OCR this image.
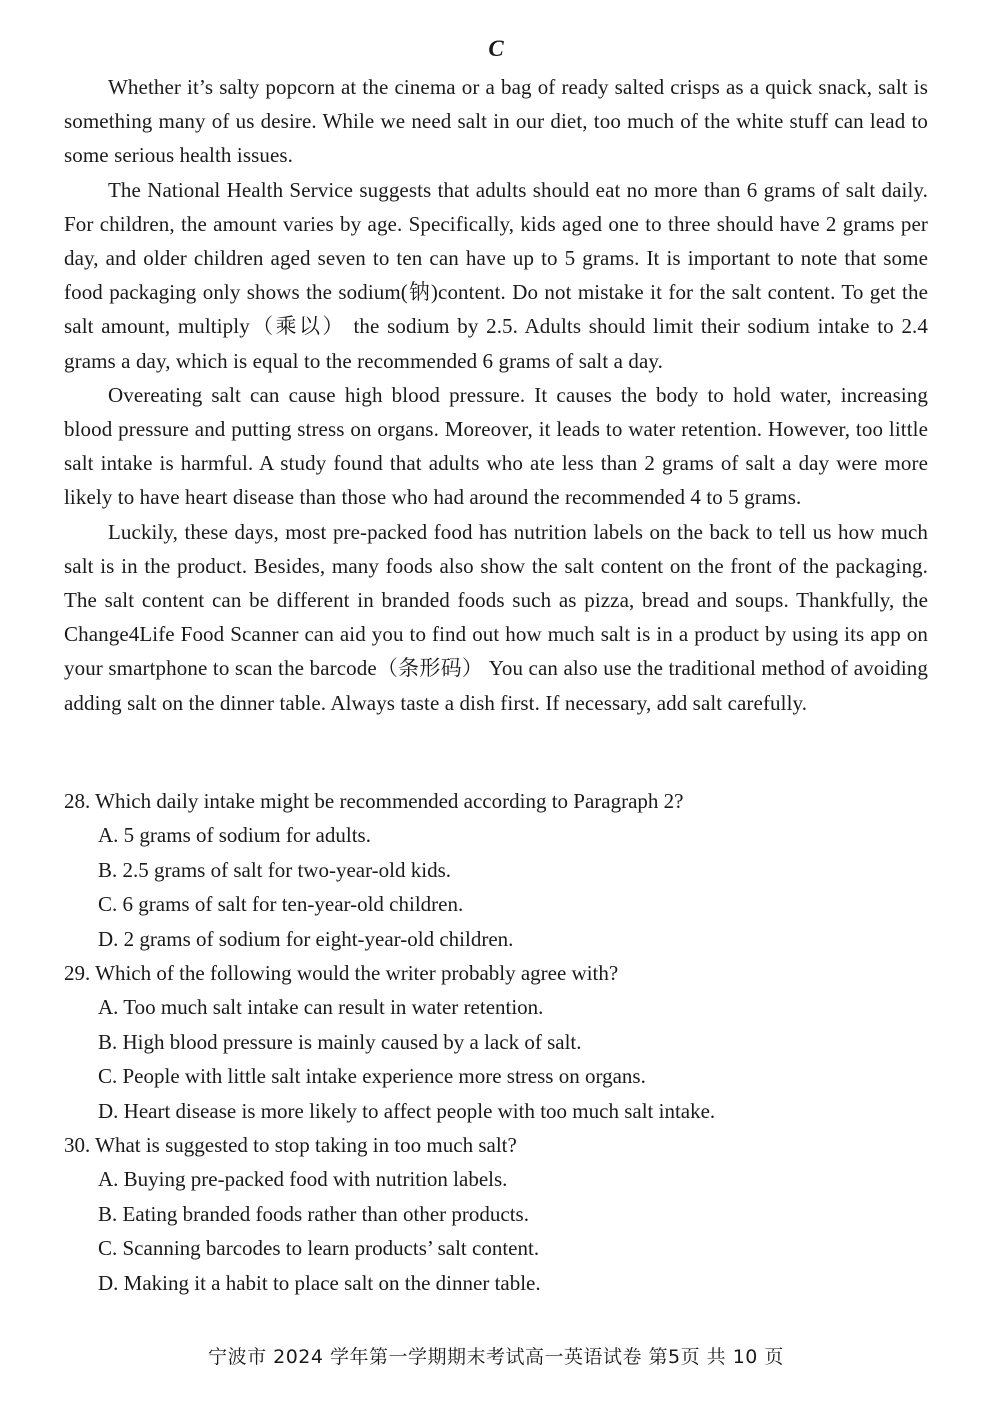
C

Whether it’s salty popcorn at the cinema or a bag of ready salted crisps as a quick snack, salt is something many of us desire. While we need salt in our diet, too much of the white stuff can lead to some serious health issues.

The National Health Service suggests that adults should eat no more than 6 grams of salt daily. For children, the amount varies by age. Specifically, kids aged one to three should have 2 grams per day, and older children aged seven to ten can have up to 5 grams. It is important to note that some food packaging only shows the sodium(钠)content. Do not mistake it for the salt content. To get the salt amount, multiply（乘以） the sodium by 2.5. Adults should limit their sodium intake to 2.4 grams a day, which is equal to the recommended 6 grams of salt a day.

Overeating salt can cause high blood pressure. It causes the body to hold water, increasing blood pressure and putting stress on organs. Moreover, it leads to water retention. However, too little salt intake is harmful. A study found that adults who ate less than 2 grams of salt a day were more likely to have heart disease than those who had around the recommended 4 to 5 grams.

Luckily, these days, most pre-packed food has nutrition labels on the back to tell us how much salt is in the product. Besides, many foods also show the salt content on the front of the packaging. The salt content can be different in branded foods such as pizza, bread and soups. Thankfully, the Change4Life Food Scanner can aid you to find out how much salt is in a product by using its app on your smartphone to scan the barcode（条形码） You can also use the traditional method of avoiding adding salt on the dinner table. Always taste a dish first. If necessary, add salt carefully.

28. Which daily intake might be recommended according to Paragraph 2?
A. 5 grams of sodium for adults.
B. 2.5 grams of salt for two-year-old kids.
C. 6 grams of salt for ten-year-old children.
D. 2 grams of sodium for eight-year-old children.
29. Which of the following would the writer probably agree with?
A. Too much salt intake can result in water retention.
B. High blood pressure is mainly caused by a lack of salt.
C. People with little salt intake experience more stress on organs.
D. Heart disease is more likely to affect people with too much salt intake.
30. What is suggested to stop taking in too much salt?
A. Buying pre-packed food with nutrition labels.
B. Eating branded foods rather than other products.
C. Scanning barcodes to learn products’ salt content.
D. Making it a habit to place salt on the dinner table.
宁波市 2024 学年第一学期期末考试高一英语试卷 第5页 共 10 页
